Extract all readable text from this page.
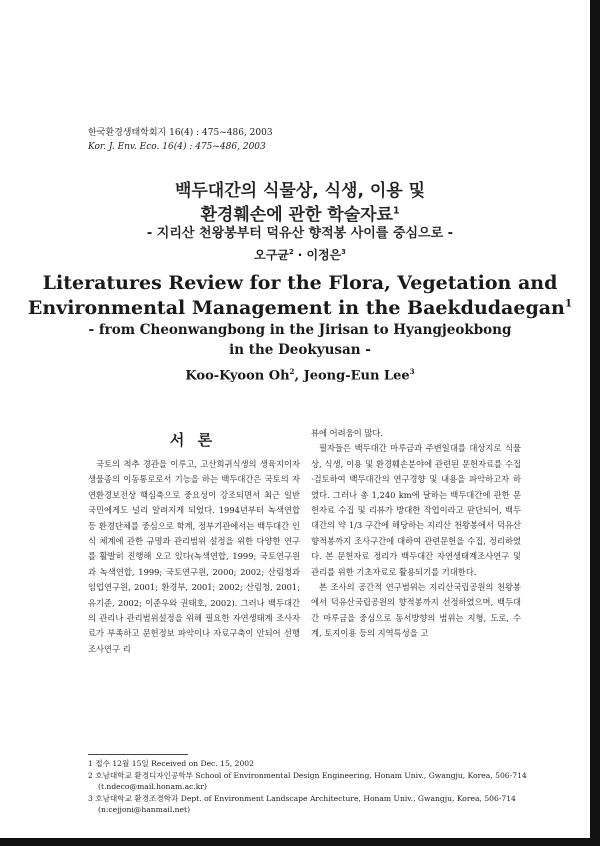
한국환경생태학회지 16(4) : 475~486, 2003
Kor. J. Env. Eco. 16(4) : 475~486, 2003
백두대간의 식물상, 식생, 이용 및
환경훼손에 관한 학술자료$^1$
- 지리산 천왕봉부터 덕유산 향적봉 사이를 중심으로 -
오구균$^2$ · 이정은$^3$
Literatures Review for the Flora, Vegetation and
Environmental Management in the Baekdudaegan$^1$
- from Cheonwangbong in the Jirisan to Hyangjeokbong
in the Deokyusan -
Koo-Kyoon Oh$^2$, Jeong-Eun Lee$^3$
서 론

국토의 척추 경관을 이루고, 고산희귀식생의 생육지이자 생물종의 이동통로로서 기능을 하는 백두대간은 국토의 자연환경보전상 핵심축으로 중요성이 강조되면서 최근 일반국민에게도 널리 알려지게 되었다. 1994년부터 녹색연합 등 환경단체를 중심으로 학계, 정부기관에서는 백두대간 인식 체계에 관한 규명과 관리범위 설정을 위한 다양한 연구를 활발히 진행해 오고 있다(녹색연합, 1999; 국토연구원과 녹색연합, 1999; 국토연구원, 2000; 2002; 산림청과 임업연구원, 2001; 환경부, 2001; 2002; 산림청, 2001; 유기준, 2002; 이준우와 권태호, 2002). 그러나 백두대간의 관리나 관리범위설정을 위해 필요한 자연생태계 조사자료가 부족하고 문헌정보 파악이나 자료구축이 안되어 선행 조사연구 리

뷰에 어려움이 많다.

필자들은 백두대간 마루금과 주변일대를 대상지로 식물상, 식생, 이용 및 환경훼손분야에 관련된 문헌자료를 수집·검토하여 백두대간의 연구경향 및 내용을 파악하고자 하였다. 그러나 총 1,240 km에 달하는 백두대간에 관한 문헌자료 수집 및 리뷰가 방대한 작업이라고 판단되어, 백두대간의 약 1/3 구간에 해당하는 지리산 천왕봉에서 덕유산 향적봉까지 조사구간에 대하여 관련문헌을 수집, 정리하였다. 본 문헌자료 정리가 백두대간 자연생태계조사연구 및 관리를 위한 기초자료로 활용되기를 기대한다.

본 조사의 공간적 연구범위는 지리산국립공원의 천왕봉에서 덕유산국립공원의 향적봉까지 선정하였으며, 백두대간 마루금을 중심으로 동서방향의 범위는 지형, 도로, 수계, 토지이용 등의 지역특성을 고

1 접수 12월 15일 Received on Dec. 15, 2002
2 호남대학교 환경디자인공학부 School of Environmental Design Engineering, Honam Univ., Gwangju, Korea, 506-714
(t.ndeco@mail.honam.ac.kr)
3 호남대학교 환경조경학과 Dept. of Environment Landscape Architecture, Honam Univ., Gwangju, Korea, 506-714
(n:cejjoni@hanmail.net)
